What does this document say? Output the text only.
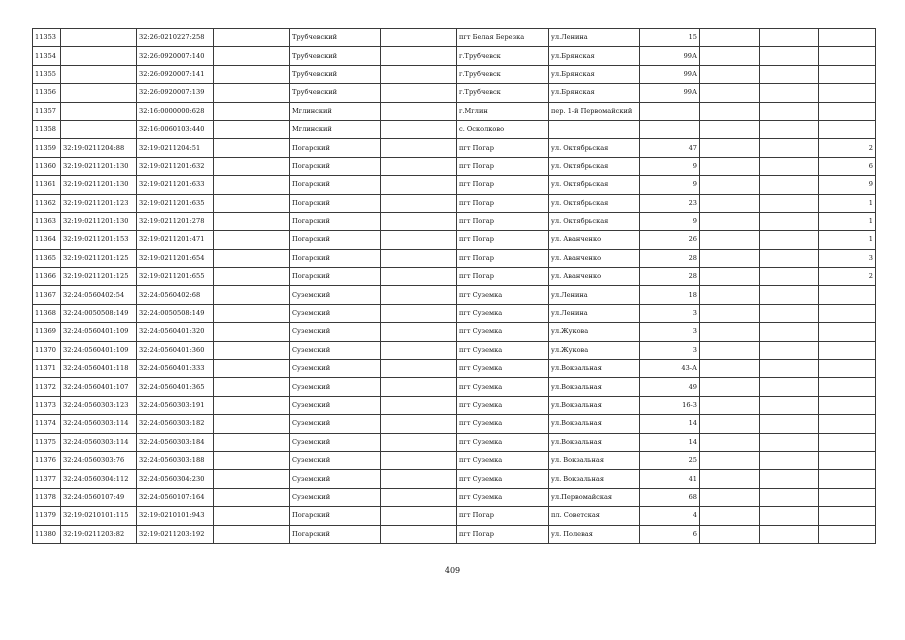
11353		32:26:0210227:258		Трубчевский		пгт Белая Березка	ул.Ленина	15			
11354		32:26:0920007:140		Трубчевский		г.Трубчевск	ул.Брянская	99А			
11355		32:26:0920007:141		Трубчевский		г.Трубчевск	ул.Брянская	99А			
11356		32:26:0920007:139		Трубчевский		г.Трубчевск	ул.Брянская	99А			
11357		32:16:0000000:628		Мглинский		г.Мглин	пер. 1-й Первомайский				
11358		32:16:0060103:440		Мглинский		с. Осколково					
11359	32:19:0211204:88	32:19:0211204:51		Погарский		пгт Погар	ул. Октябрьская	47			2
11360	32:19:0211201:130	32:19:0211201:632		Погарский		пгт Погар	ул. Октябрьская	9			6
11361	32:19:0211201:130	32:19:0211201:633		Погарский		пгт Погар	ул. Октябрьская	9			9
11362	32:19:0211201:123	32:19:0211201:635		Погарский		пгт Погар	ул. Октябрьская	23			1
11363	32:19:0211201:130	32:19:0211201:278		Погарский		пгт Погар	ул. Октябрьская	9			1
11364	32:19:0211201:153	32:19:0211201:471		Погарский		пгт Погар	ул. Аванченко	26			1
11365	32:19:0211201:125	32:19:0211201:654		Погарский		пгт Погар	ул. Аванченко	28			3
11366	32:19:0211201:125	32:19:0211201:655		Погарский		пгт Погар	ул. Аванченко	28			2
11367	32:24:0560402:54	32:24:0560402:68		Суземский		пгт Суземка	ул.Ленина	18			
11368	32:24:0050508:149	32:24:0050508:149		Суземский		пгт Суземка	ул.Ленина	3			
11369	32:24:0560401:109	32:24:0560401:320		Суземский		пгт Суземка	ул.Жукова	3			
11370	32:24:0560401:109	32:24:0560401:360		Суземский		пгт Суземка	ул.Жукова	3			
11371	32:24:0560401:118	32:24:0560401:333		Суземский		пгт Суземка	ул.Вокзальная	43-А			
11372	32:24:0560401:107	32:24:0560401:365		Суземский		пгт Суземка	ул.Вокзальная	49			
11373	32:24:0560303:123	32:24:0560303:191		Суземский		пгт Суземка	ул.Вокзальная	16-3			
11374	32:24:0560303:114	32:24:0560303:182		Суземский		пгт Суземка	ул.Вокзальная	14			
11375	32:24:0560303:114	32:24:0560303:184		Суземский		пгт Суземка	ул.Вокзальная	14			
11376	32:24:0560303:76	32:24:0560303:188		Суземский		пгт Суземка	ул. Вокзальная	25			
11377	32:24:0560304:112	32:24:0560304:230		Суземский		пгт Суземка	ул. Вокзальная	41			
11378	32:24:0560107:49	32:24:0560107:164		Суземский		пгт Суземка	ул.Первомайская	68			
11379	32:19:0210101:115	32:19:0210101:943		Погарский		пгт Погар	пл. Советская	4			
11380	32:19:0211203:82	32:19:0211203:192		Погарский		пгт Погар	ул. Полевая	6			
409
